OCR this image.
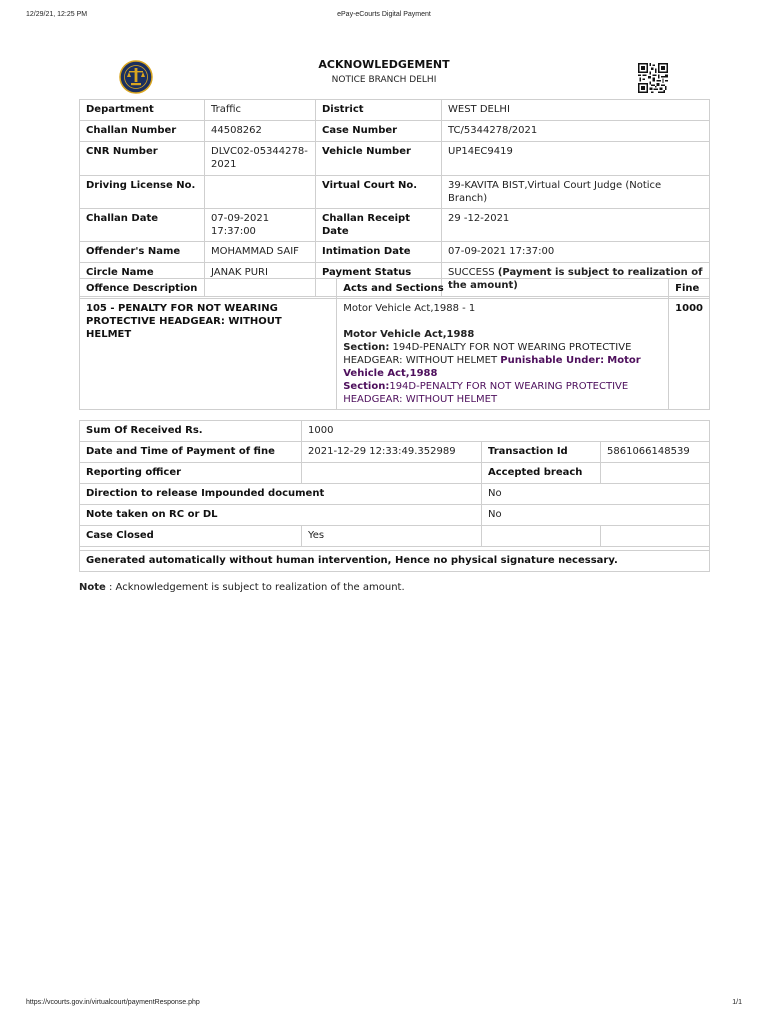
12/29/21, 12:25 PM	ePay-eCourts Digital Payment
ACKNOWLEDGEMENT
NOTICE BRANCH DELHI
Department	Traffic	District	WEST DELHI
Challan Number	44508262	Case Number	TC/5344278/2021
CNR Number	DLVC02-05344278-2021	Vehicle Number	UP14EC9419
Driving License No.		Virtual Court No.	39-KAVITA BIST,Virtual Court Judge (Notice Branch)
Challan Date	07-09-2021 17:37:00	Challan Receipt Date	29 -12-2021
Offender's Name	MOHAMMAD SAIF	Intimation Date	07-09-2021 17:37:00
Circle Name	JANAK PURI	Payment Status	SUCCESS (Payment is subject to realization of the amount)
Offence Description	Acts and Sections	Fine
105 - PENALTY FOR NOT WEARING PROTECTIVE HEADGEAR: WITHOUT HELMET	Motor Vehicle Act,1988 - 1
Motor Vehicle Act,1988
Section: 194D-PENALTY FOR NOT WEARING PROTECTIVE HEADGEAR: WITHOUT HELMET Punishable Under: Motor Vehicle Act,1988
Section:194D-PENALTY FOR NOT WEARING PROTECTIVE HEADGEAR: WITHOUT HELMET	1000
Sum Of Received Rs.	1000		
Date and Time of Payment of fine	2021-12-29 12:33:49.352989	Transaction Id	5861066148539
Reporting officer		Accepted breach	
Direction to release Impounded document		No	
Note taken on RC or DL		No	
Case Closed	Yes		

Generated automatically without human intervention, Hence no physical signature necessary.			
Note : Acknowledgement is subject to realization of the amount.
https://vcourts.gov.in/virtualcourt/paymentResponse.php	1/1
